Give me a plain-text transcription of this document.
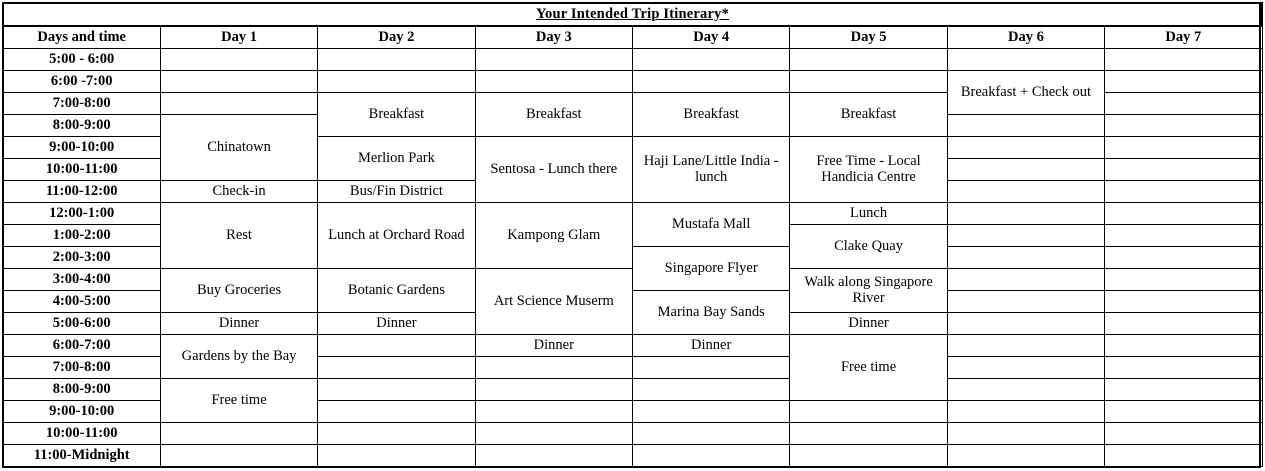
Your Intended Trip Itinerary*							
Days and time	Day 1	Day 2	Day 3	Day 4	Day 5	Day 6	Day 7
5:00 - 6:00							
6:00 -7:00						Breakfast + Check out	

7:00-8:00		Breakfast	Breakfast	Breakfast	Breakfast		

8:00-9:00	Chinatown						

9:00-10:00		Merlion Park	Sentosa - Lunch there	Haji Lane/Little India - lunch	Free Time - Local Handicia Centre		

10:00-11:00							
11:00-12:00	Check-in	Bus/Fin District					

12:00-1:00	Rest	Lunch at Orchard Road	Kampong Glam	Mustafa Mall	Lunch		

1:00-2:00					Clake Quay		

2:00-3:00				Singapore Flyer			

3:00-4:00	Buy Groceries	Botanic Gardens	Art Science Muserm		Walk along Singapore River		

4:00-5:00				Marina Bay Sands			

5:00-6:00	Dinner	Dinner			Dinner		

6:00-7:00	Gardens by the Bay		Dinner	Dinner	Free time		

7:00-8:00							
8:00-9:00	Free time						

9:00-10:00							
10:00-11:00							
11:00-Midnight							
